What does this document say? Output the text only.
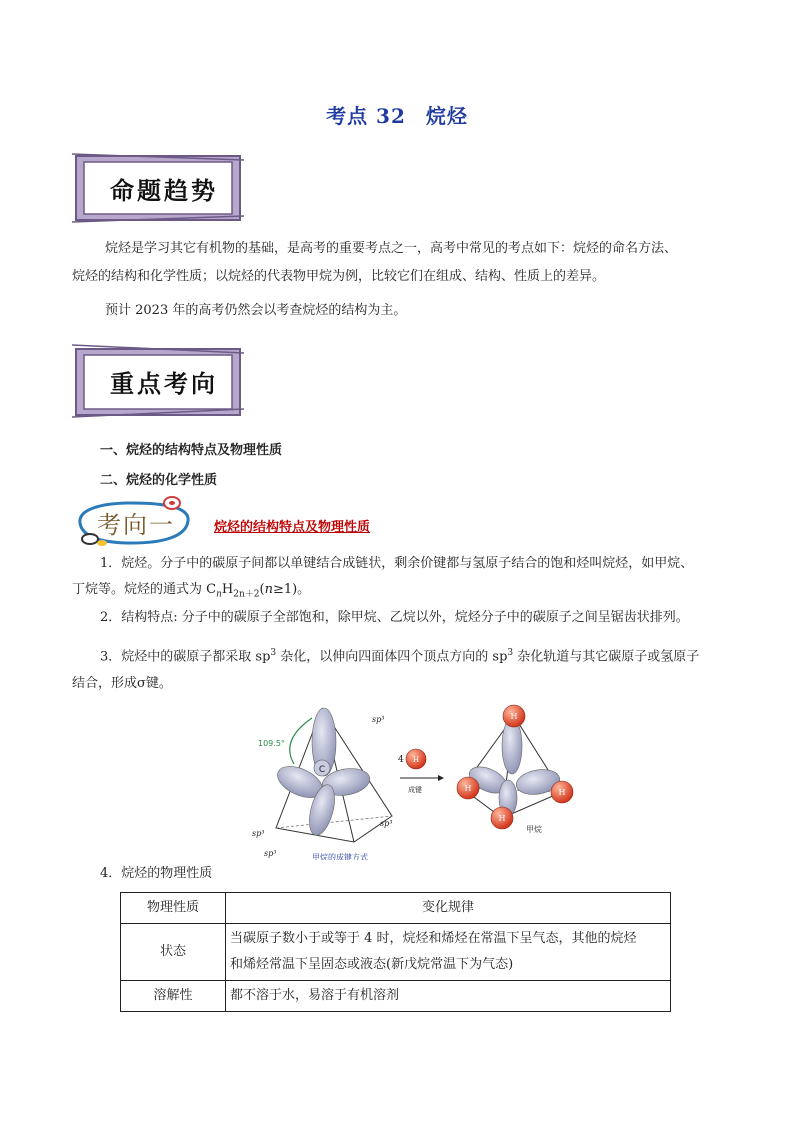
考点 32 烷烃
命题趋势
烷烃是学习其它有机物的基础，是高考的重要考点之一，高考中常见的考点如下：烷烃的命名方法、
烷烃的结构和化学性质；以烷烃的代表物甲烷为例，比较它们在组成、结构、性质上的差异。
预计 2023 年的高考仍然会以考查烷烃的结构为主。
重点考向
一、烷烃的结构特点及物理性质
二、烷烃的化学性质
考向一	烷烃的结构特点及物理性质
1．烷烃。分子中的碳原子间都以单键结合成链状，剩余价键都与氢原子结合的饱和烃叫烷烃，如甲烷、
丁烷等。烷烃的通式为 $C_nH_{2n+2}(n\ge 1)$。
2．结构特点: 分子中的碳原子全部饱和，除甲烷、乙烷以外，烷烃分子中的碳原子之间呈锯齿状排列。
3．烷烃中的碳原子都采取 $sp^3$ 杂化，以伸向四面体四个顶点方向的 $sp^3$ 杂化轨道与其它碳原子或氢原子
结合，形成σ键。
C
109.5°
sp³
sp³
sp³
sp³
甲烷的成键方式
4 H
成键
H
H	H
H
甲烷
4．烷烃的物理性质
物理性质	变化规律
状态	当碳原子数小于或等于 4 时，烷烃和烯烃在常温下呈气态，其他的烷烃
和烯烃常温下呈固态或液态(新戊烷常温下为气态)

溶解性	都不溶于水，易溶于有机溶剂
